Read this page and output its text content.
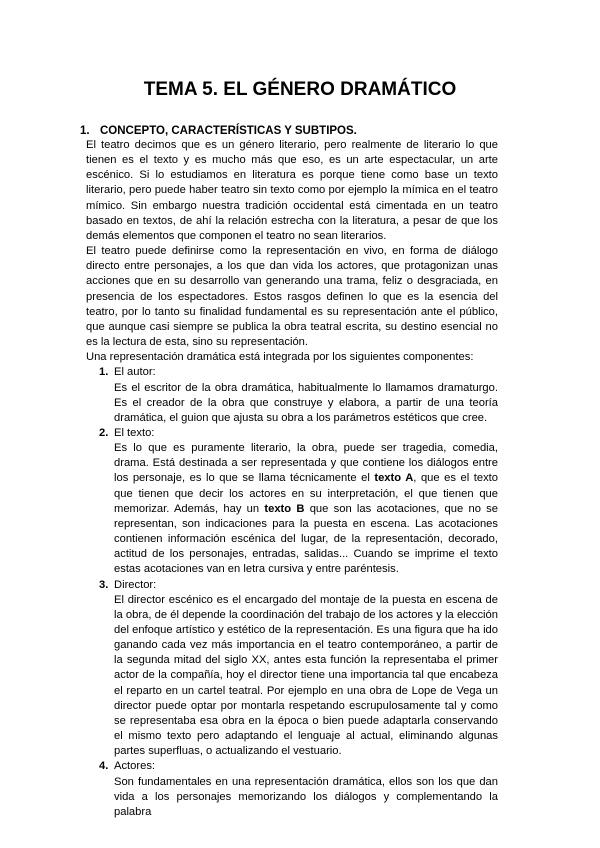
TEMA 5. EL GÉNERO DRAMÁTICO
1. CONCEPTO, CARACTERÍSTICAS Y SUBTIPOS.

El teatro decimos que es un género literario, pero realmente de literario lo que tienen es el texto y es mucho más que eso, es un arte espectacular, un arte escénico. Si lo estudiamos en literatura es porque tiene como base un texto literario, pero puede haber teatro sin texto como por ejemplo la mímica en el teatro mímico. Sin embargo nuestra tradición occidental está cimentada en un teatro basado en textos, de ahí la relación estrecha con la literatura, a pesar de que los demás elementos que componen el teatro no sean literarios.

El teatro puede definirse como la representación en vivo, en forma de diálogo directo entre personajes, a los que dan vida los actores, que protagonizan unas acciones que en su desarrollo van generando una trama, feliz o desgraciada, en presencia de los espectadores. Estos rasgos definen lo que es la esencia del teatro, por lo tanto su finalidad fundamental es su representación ante el público, que aunque casi siempre se publica la obra teatral escrita, su destino esencial no es la lectura de esta, sino su representación.

Una representación dramática está integrada por los siguientes componentes:

1. El autor:

Es el escritor de la obra dramática, habitualmente lo llamamos dramaturgo. Es el creador de la obra que construye y elabora, a partir de una teoría dramática, el guion que ajusta su obra a los parámetros estéticos que cree.

2. El texto:

Es lo que es puramente literario, la obra, puede ser tragedia, comedia, drama. Está destinada a ser representada y que contiene los diálogos entre los personaje, es lo que se llama técnicamente el texto A, que es el texto que tienen que decir los actores en su interpretación, el que tienen que memorizar. Además, hay un texto B que son las acotaciones, que no se representan, son indicaciones para la puesta en escena. Las acotaciones contienen información escénica del lugar, de la representación, decorado, actitud de los personajes, entradas, salidas... Cuando se imprime el texto estas acotaciones van en letra cursiva y entre paréntesis.

3. Director:

El director escénico es el encargado del montaje de la puesta en escena de la obra, de él depende la coordinación del trabajo de los actores y la elección del enfoque artístico y estético de la representación. Es una figura que ha ido ganando cada vez más importancia en el teatro contemporáneo, a partir de la segunda mitad del siglo XX, antes esta función la representaba el primer actor de la compañía, hoy el director tiene una importancia tal que encabeza el reparto en un cartel teatral. Por ejemplo en una obra de Lope de Vega un director puede optar por montarla respetando escrupulosamente tal y como se representaba esa obra en la época o bien puede adaptarla conservando el mismo texto pero adaptando el lenguaje al actual, eliminando algunas partes superfluas, o actualizando el vestuario.

4. Actores:

Son fundamentales en una representación dramática, ellos son los que dan vida a los personajes memorizando los diálogos y complementando la palabra
